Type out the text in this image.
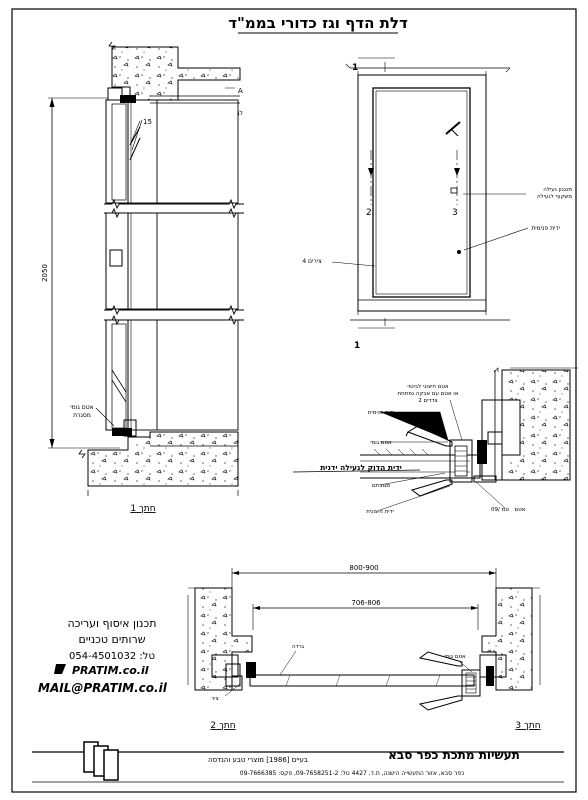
דלת הדף וגז כדורי בממ"ד
2050
A
לג
15
אטם גומי
מסגרת
חתך 1
1
1
2	3
מנגנון נעילה
משקוף לנעילה
ידית פנימית
צירים 4
אטם חיצוני לביטוי
או אטם עם אבקה נפתחת
2 צדדים
ידית פנימית
אטם גומי
ידית הדוק לנעילה ידנית
מגובתם
ידית חיצונית	09/ סמ אטם
800-900
706-806
גרדה
אטם גומי
ציר
חתך 2	חתך 3
תכנון איסוף ועריכה
שרותים טכניים
054-4501032 :טל
PRATIM.co.il
MAIL@PRATIM.co.il
תעשיות מתכת כפר סבא
בעיים [1986] מוצרי טבע והנדסה
כפר סבא, אזור התעשייה הישנה, ת.ד. 4427 טל: 09-7658251-2, פקס: 09-7666385
